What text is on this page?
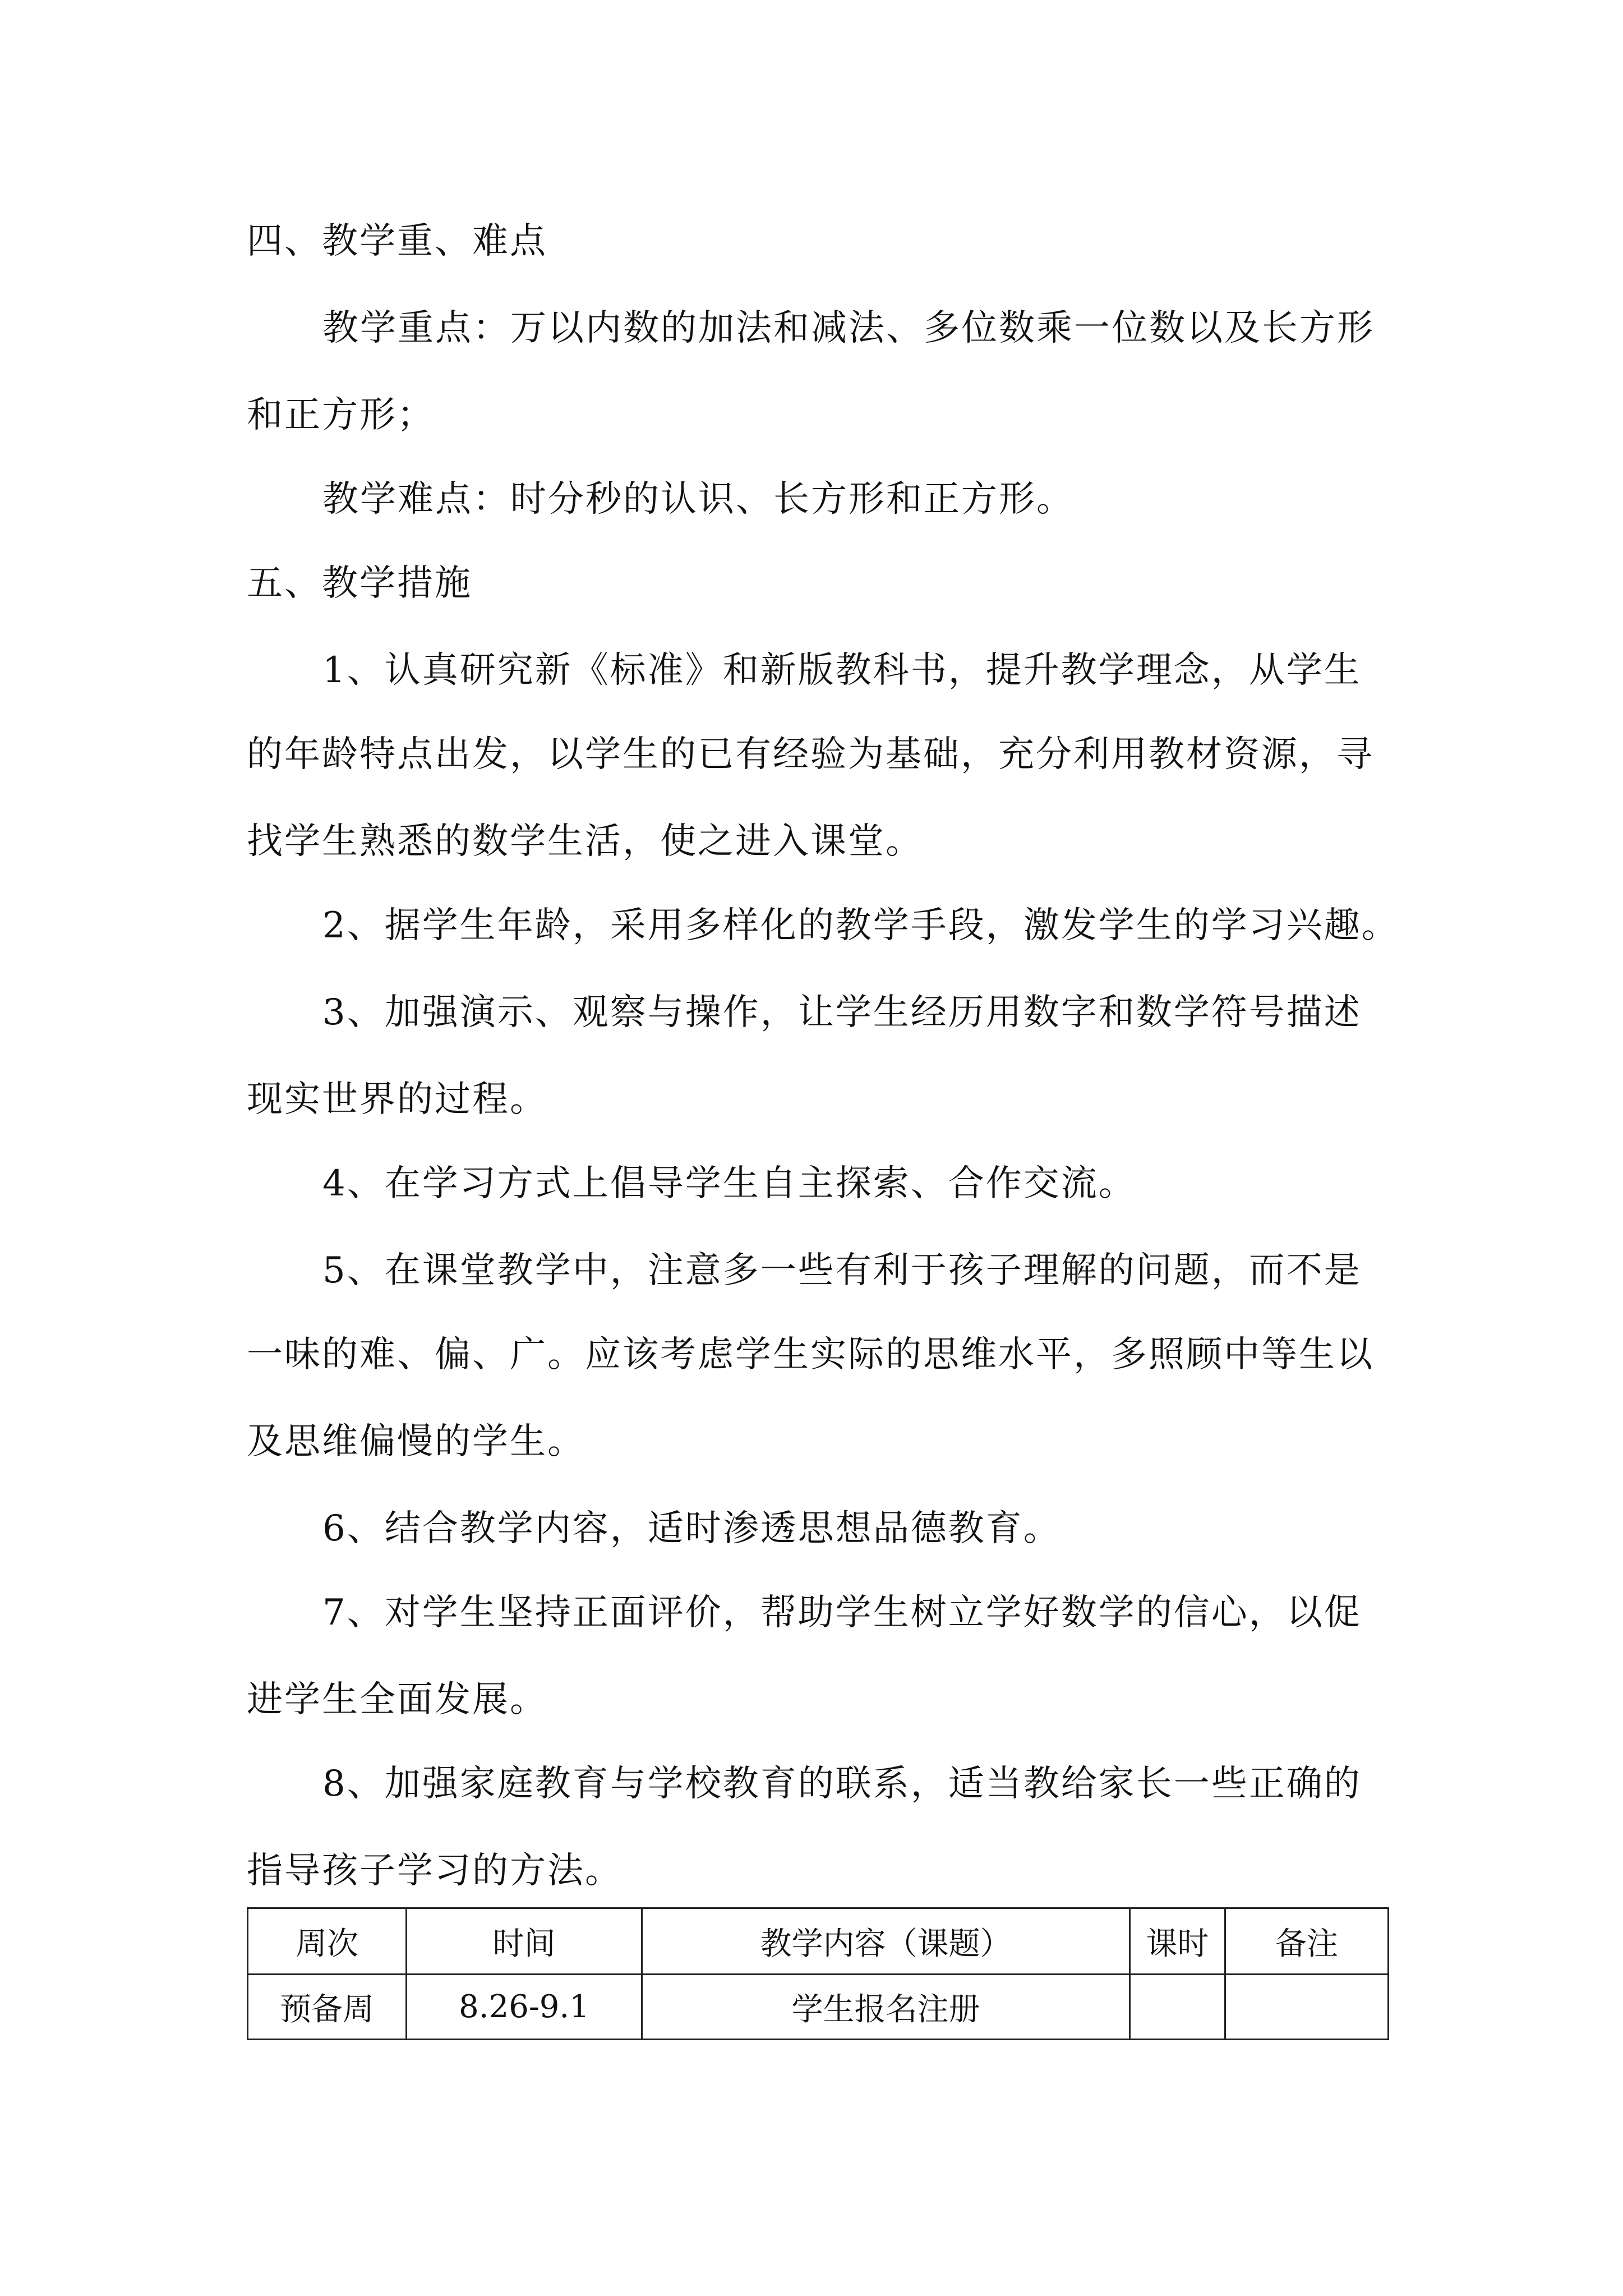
四、教学重、难点
教学重点：万以内数的加法和减法、多位数乘一位数以及长方形
和正方形；
教学难点：时分秒的认识、长方形和正方形。
五、教学措施
1、认真研究新《标准》和新版教科书，提升教学理念，从学生
的年龄特点出发，以学生的已有经验为基础，充分利用教材资源，寻
找学生熟悉的数学生活，使之进入课堂。
2、据学生年龄，采用多样化的教学手段，激发学生的学习兴趣。
3、加强演示、观察与操作，让学生经历用数字和数学符号描述
现实世界的过程。
4、在学习方式上倡导学生自主探索、合作交流。
5、在课堂教学中，注意多一些有利于孩子理解的问题，而不是
一味的难、偏、广。应该考虑学生实际的思维水平，多照顾中等生以
及思维偏慢的学生。
6、结合教学内容，适时渗透思想品德教育。
7、对学生坚持正面评价，帮助学生树立学好数学的信心，以促
进学生全面发展。
8、加强家庭教育与学校教育的联系，适当教给家长一些正确的
指导孩子学习的方法。
周次	时间	教学内容（课题）	课时	备注
预备周	8.26-9.1	学生报名注册		
